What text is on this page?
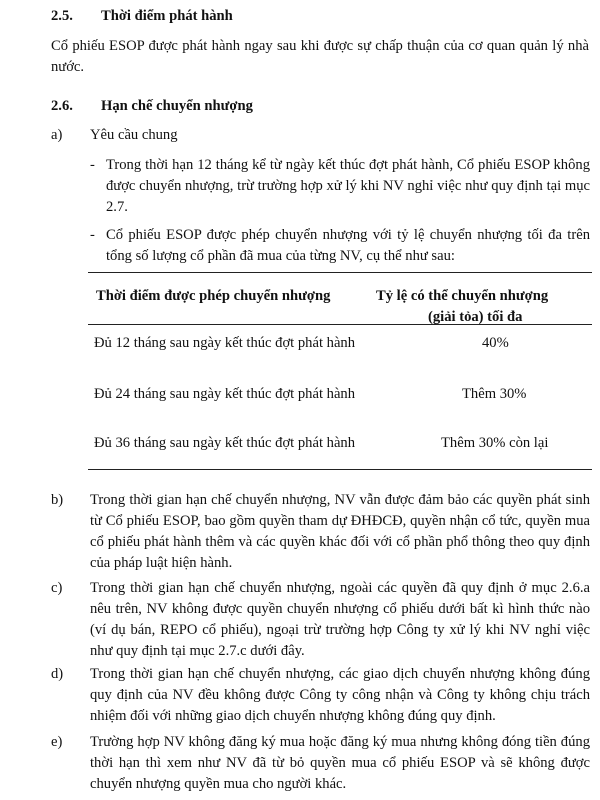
2.5. Thời điểm phát hành
Cổ phiếu ESOP được phát hành ngay sau khi được sự chấp thuận của cơ quan quản lý nhà nước.
2.6. Hạn chế chuyển nhượng
a) Yêu cầu chung
- Trong thời hạn 12 tháng kể từ ngày kết thúc đợt phát hành, Cổ phiếu ESOP không được chuyển nhượng, trừ trường hợp xử lý khi NV nghỉ việc như quy định tại mục 2.7.
- Cổ phiếu ESOP được phép chuyển nhượng với tỷ lệ chuyển nhượng tối đa trên tổng số lượng cổ phần đã mua của từng NV, cụ thể như sau:
Thời điểm được phép chuyển nhượng	Tỷ lệ có thể chuyển nhượng
(giải tỏa) tối đa
Đủ 12 tháng sau ngày kết thúc đợt phát hành	40%
Đủ 24 tháng sau ngày kết thúc đợt phát hành	Thêm 30%
Đủ 36 tháng sau ngày kết thúc đợt phát hành	Thêm 30% còn lại
b) Trong thời gian hạn chế chuyển nhượng, NV vẫn được đảm bảo các quyền phát sinh từ Cổ phiếu ESOP, bao gồm quyền tham dự ĐHĐCĐ, quyền nhận cổ tức, quyền mua cổ phiếu phát hành thêm và các quyền khác đối với cổ phần phổ thông theo quy định của pháp luật hiện hành.
c) Trong thời gian hạn chế chuyển nhượng, ngoài các quyền đã quy định ở mục 2.6.a nêu trên, NV không được quyền chuyển nhượng cổ phiếu dưới bất kì hình thức nào (ví dụ bán, REPO cổ phiếu), ngoại trừ trường hợp Công ty xử lý khi NV nghỉ việc như quy định tại mục 2.7.c dưới đây.
d) Trong thời gian hạn chế chuyển nhượng, các giao dịch chuyển nhượng không đúng quy định của NV đều không được Công ty công nhận và Công ty không chịu trách nhiệm đối với những giao dịch chuyển nhượng không đúng quy định.
e) Trường hợp NV không đăng ký mua hoặc đăng ký mua nhưng không đóng tiền đúng thời hạn thì xem như NV đã từ bỏ quyền mua cổ phiếu ESOP và sẽ không được chuyển nhượng quyền mua cho người khác.
